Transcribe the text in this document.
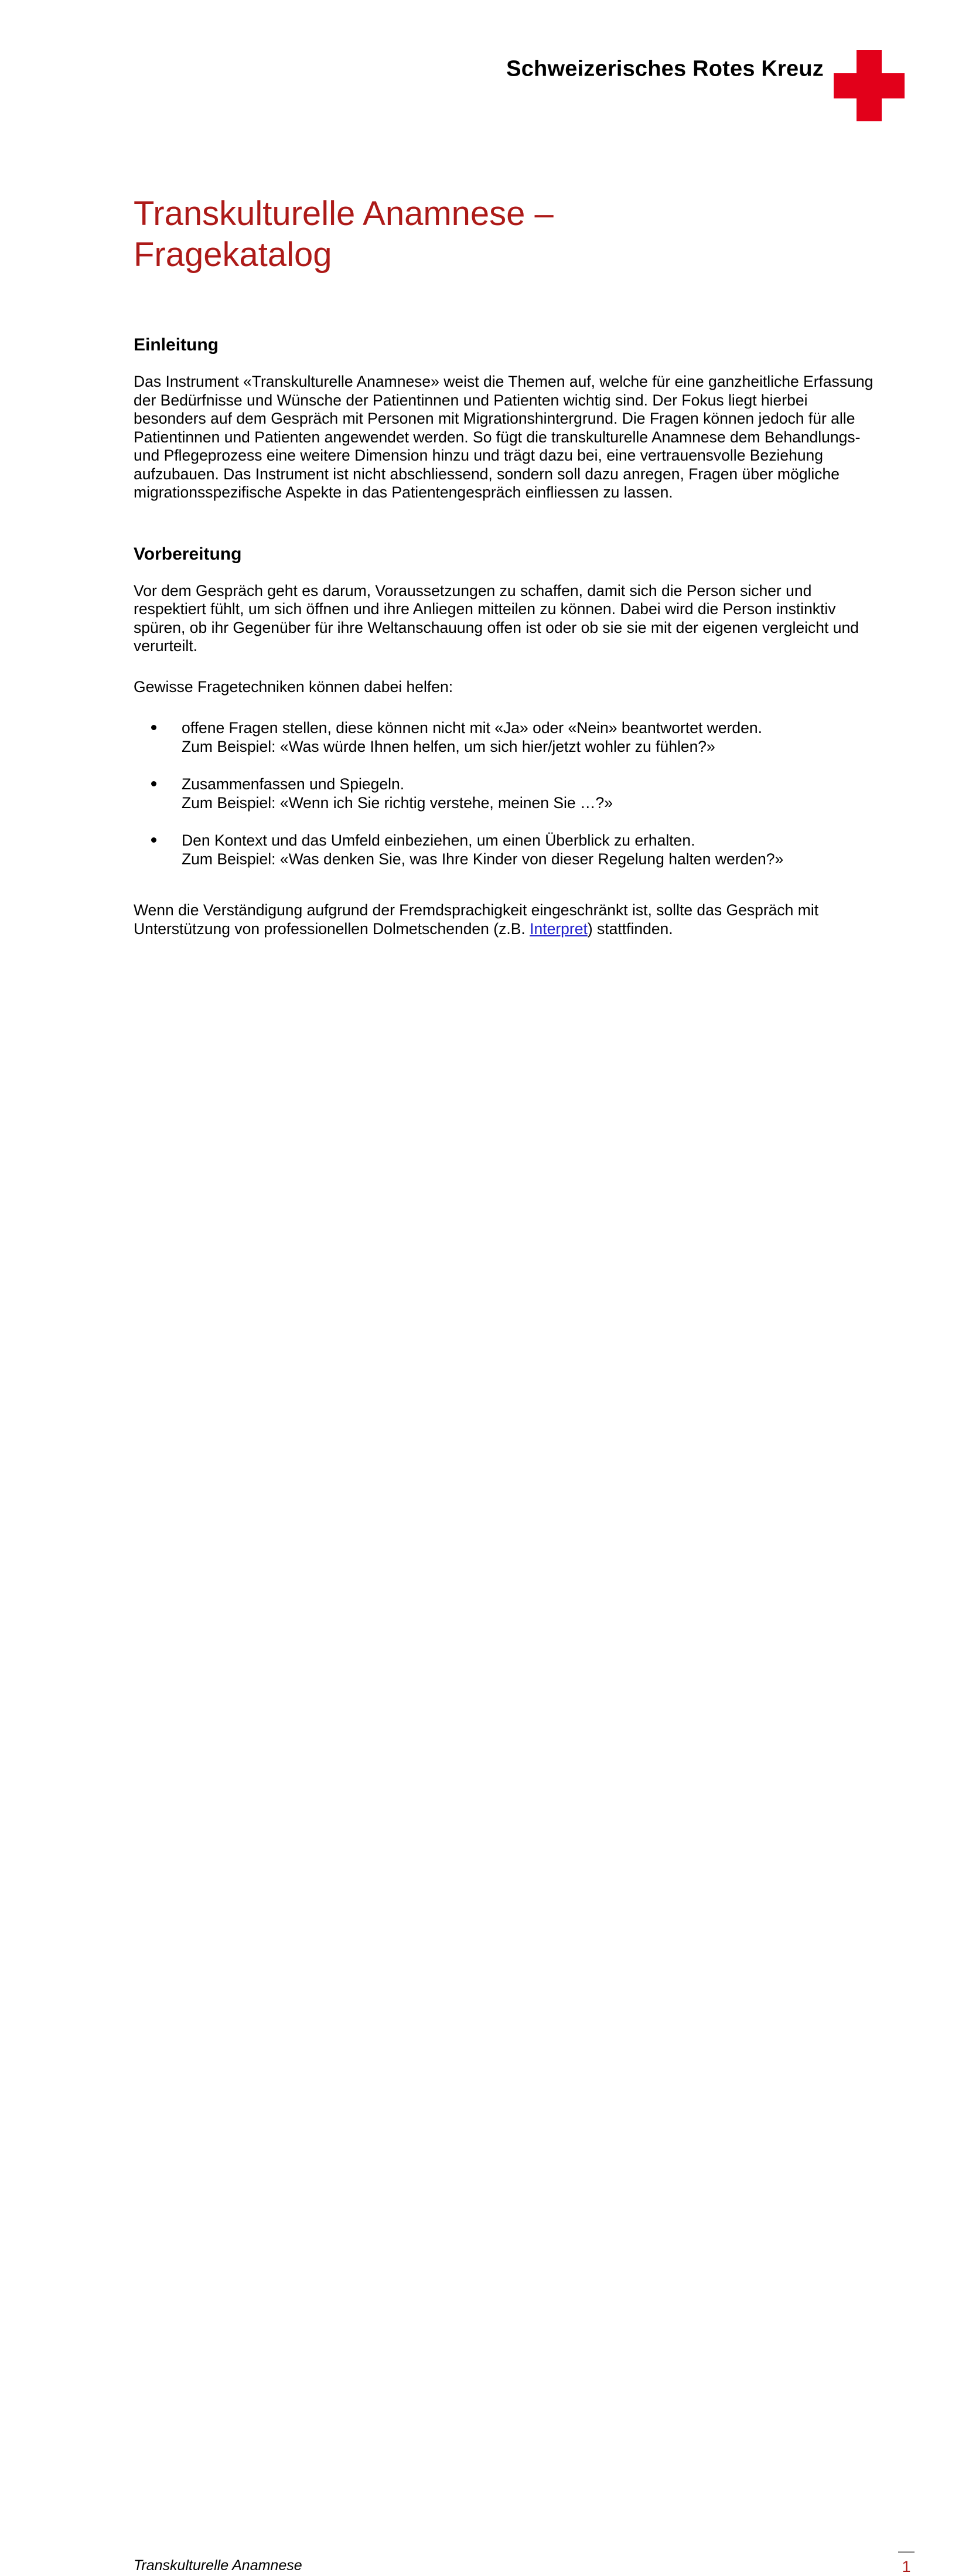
Schweizerisches Rotes Kreuz
Transkulturelle Anamnese –
Fragekatalog
Einleitung

Das Instrument «Transkulturelle Anamnese» weist die Themen auf, welche für eine ganzheitliche Erfassung der Bedürfnisse und Wünsche der Patientinnen und Patienten wichtig sind. Der Fokus liegt hierbei besonders auf dem Gespräch mit Personen mit Migrationshintergrund. Die Fragen können jedoch für alle Patientinnen und Patienten angewendet werden. So fügt die transkulturelle Anamnese dem Behandlungs- und Pflegeprozess eine weitere Dimension hinzu und trägt dazu bei, eine vertrauensvolle Beziehung aufzubauen. Das Instrument ist nicht abschliessend, sondern soll dazu anregen, Fragen über mögliche migrationsspezifische Aspekte in das Patientengespräch einfliessen zu lassen.

Vorbereitung

Vor dem Gespräch geht es darum, Voraussetzungen zu schaffen, damit sich die Person sicher und respektiert fühlt, um sich öffnen und ihre Anliegen mitteilen zu können. Dabei wird die Person instinktiv spüren, ob ihr Gegenüber für ihre Weltanschauung offen ist oder ob sie sie mit der eigenen vergleicht und verurteilt.

Gewisse Fragetechniken können dabei helfen:

offene Fragen stellen, diese können nicht mit «Ja» oder «Nein» beantwortet werden.
Zum Beispiel: «Was würde Ihnen helfen, um sich hier/jetzt wohler zu fühlen?»
Zusammenfassen und Spiegeln.
Zum Beispiel: «Wenn ich Sie richtig verstehe, meinen Sie …?»
Den Kontext und das Umfeld einbeziehen, um einen Überblick zu erhalten.
Zum Beispiel: «Was denken Sie, was Ihre Kinder von dieser Regelung halten werden?»

Wenn die Verständigung aufgrund der Fremdsprachigkeit eingeschränkt ist, sollte das Gespräch mit Unterstützung von professionellen Dolmetschenden (z.B. Interpret) stattfinden.

Transkulturelle Anamnese	1
